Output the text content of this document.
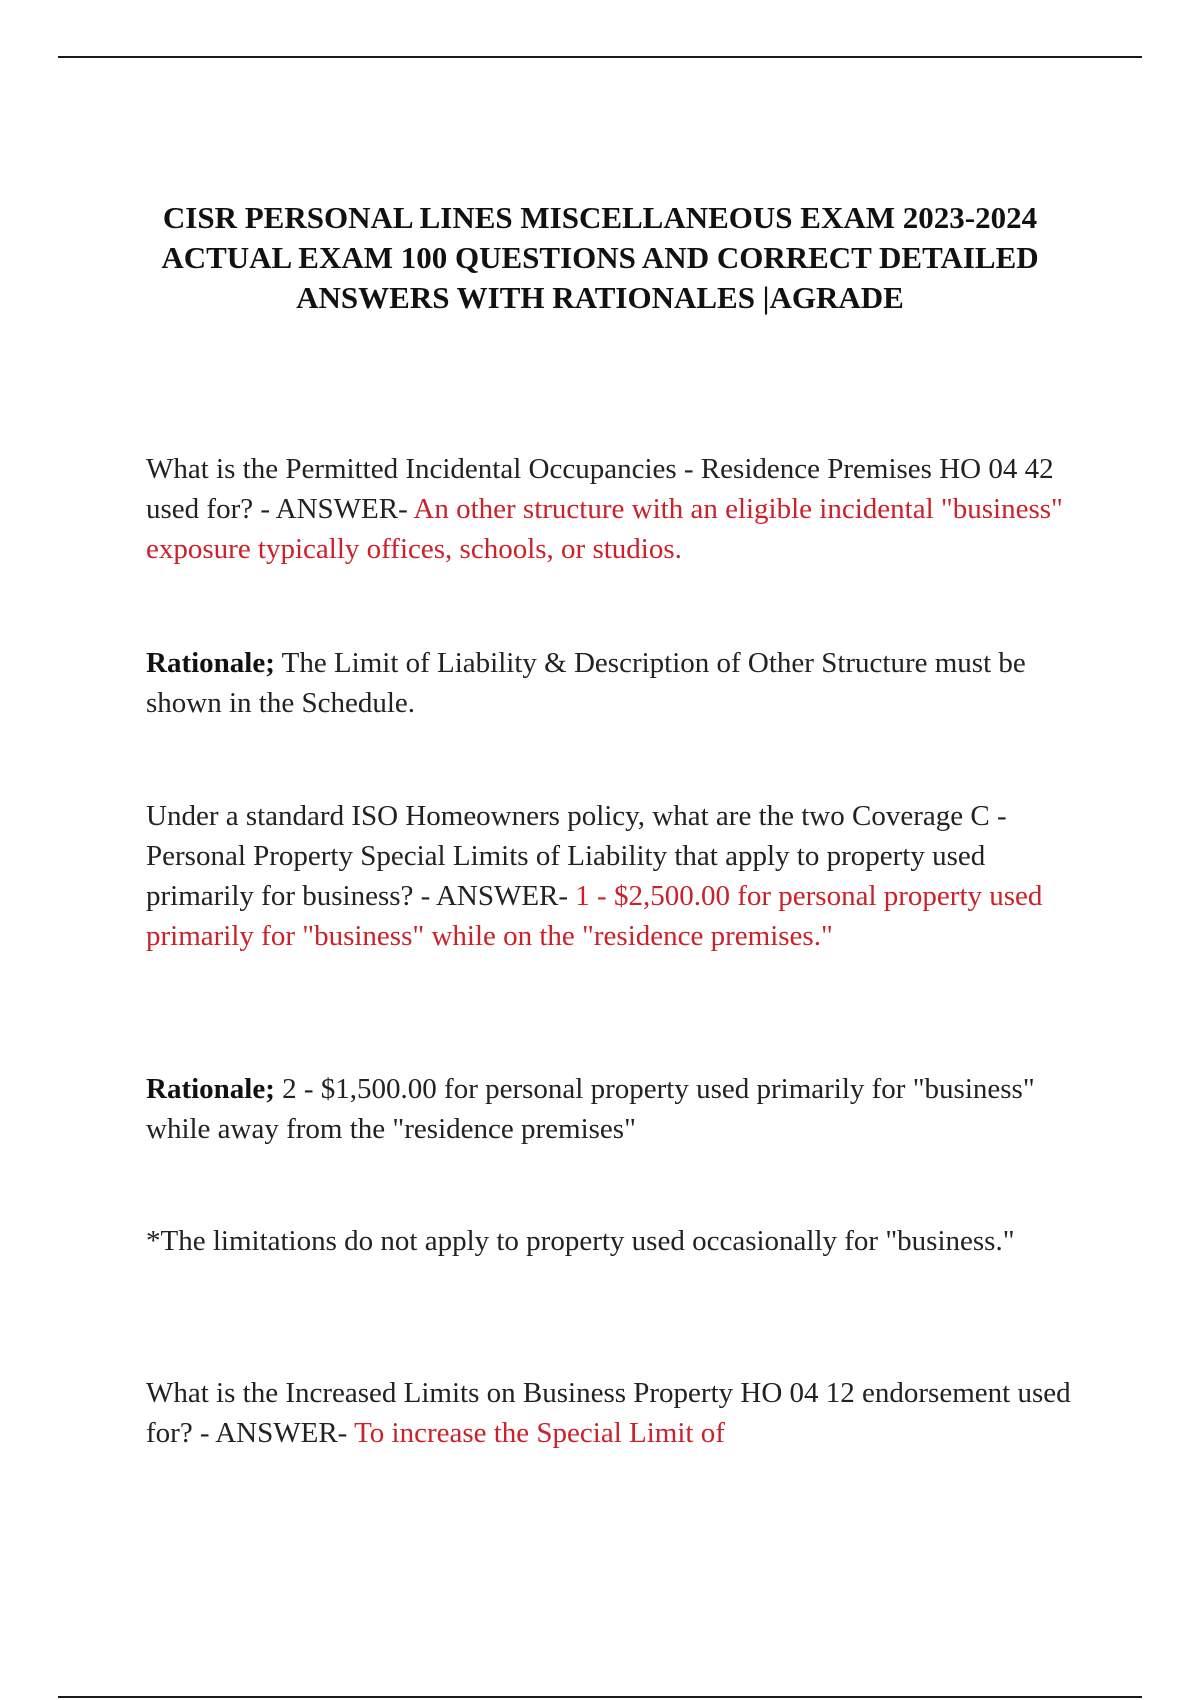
CISR PERSONAL LINES MISCELLANEOUS EXAM 2023-2024
ACTUAL EXAM 100 QUESTIONS AND CORRECT DETAILED
ANSWERS WITH RATIONALES |AGRADE

What is the Permitted Incidental Occupancies - Residence Premises HO 04 42 used for? - ANSWER- An other structure with an eligible incidental "business" exposure typically offices, schools, or studios.

Rationale; The Limit of Liability & Description of Other Structure must be shown in the Schedule.

Under a standard ISO Homeowners policy, what are the two Coverage C - Personal Property Special Limits of Liability that apply to property used primarily for business? - ANSWER- 1 - $2,500.00 for personal property used primarily for "business" while on the "residence premises."

Rationale; 2 - $1,500.00 for personal property used primarily for "business" while away from the "residence premises"

*The limitations do not apply to property used occasionally for "business."

What is the Increased Limits on Business Property HO 04 12 endorsement used for? - ANSWER- To increase the Special Limit of
